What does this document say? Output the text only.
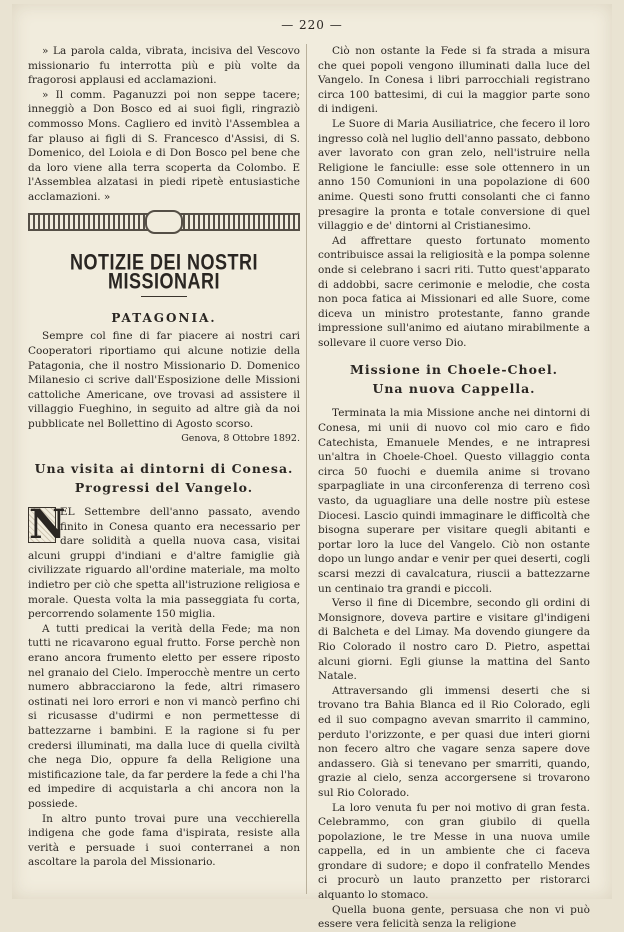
— 220 —

» La parola calda, vibrata, incisiva del Vescovo missionario fu interrotta più e più volte da fragorosi applausi ed acclamazioni.

» Il comm. Paganuzzi poi non seppe tacere; inneggiò a Don Bosco ed ai suoi figli, ringraziò commosso Mons. Cagliero ed invitò l'Assemblea a far plauso ai figli di S. Francesco d'Assisi, di S. Domenico, del Loiola e di Don Bosco pel bene che da loro viene alla terra scoperta da Colombo. E l'Assemblea alzatasi in piedi ripetè entusiastiche acclamazioni. »

NOTIZIE DEI NOSTRI MISSIONARI
PATAGONIA.

Sempre col fine di far piacere ai nostri cari Cooperatori riportiamo qui alcune notizie della Patagonia, che il nostro Missionario D. Domenico Milanesio ci scrive dall'Esposizione delle Missioni cattoliche Americane, ove trovasi ad assistere il villaggio Fueghino, in seguito ad altre già da noi pubblicate nel Bollettino di Agosto scorso.

Genova, 8 Ottobre 1892.
Una visita ai dintorni di Conesa.
Progressi del Vangelo.

N
EL Settembre dell'anno passato, avendo finito in Conesa quanto era necessario per dare solidità a quella nuova casa, visitai alcuni gruppi d'indiani e d'altre famiglie già civilizzate riguardo all'ordine materiale, ma molto indietro per ciò che spetta all'istruzione religiosa e morale. Questa volta la mia passeggiata fu corta, percorrendo solamente 150 miglia.

A tutti predicai la verità della Fede; ma non tutti ne ricavarono egual frutto. Forse perchè non erano ancora frumento eletto per essere riposto nel granaio del Cielo. Imperocchè mentre un certo numero abbracciarono la fede, altri rimasero ostinati nei loro errori e non vi mancò perfino chi si ricusasse d'udirmi e non permettesse di battezzarne i bambini. E la ragione si fu per credersi illuminati, ma dalla luce di quella civiltà che nega Dio, oppure fa della Religione una mistificazione tale, da far perdere la fede a chi l'ha ed impedire di acquistarla a chi ancora non la possiede.

In altro punto trovai pure una vecchierella indigena che gode fama d'ispirata, resiste alla verità e persuade i suoi conterranei a non ascoltare la parola del Missionario.

Ciò non ostante la Fede si fa strada a misura che quei popoli vengono illuminati dalla luce del Vangelo. In Conesa i libri parrocchiali registrano circa 100 battesimi, di cui la maggior parte sono di indigeni.

Le Suore di Maria Ausiliatrice, che fecero il loro ingresso colà nel luglio dell'anno passato, debbono aver lavorato con gran zelo, nell'istruire nella Religione le fanciulle: esse sole ottennero in un anno 150 Comunioni in una popolazione di 600 anime. Questi sono frutti consolanti che ci fanno presagire la pronta e totale conversione di quel villaggio e de' dintorni al Cristianesimo.

Ad affrettare questo fortunato momento contribuisce assai la religiosità e la pompa solenne onde si celebrano i sacri riti. Tutto quest'apparato di addobbi, sacre cerimonie e melodie, che costa non poca fatica ai Missionari ed alle Suore, come diceva un ministro protestante, fanno grande impressione sull'animo ed aiutano mirabilmente a sollevare il cuore verso Dio.

Missione in Choele-Choel.
Una nuova Cappella.

Terminata la mia Missione anche nei dintorni di Conesa, mi unii di nuovo col mio caro e fido Catechista, Emanuele Mendes, e ne intrapresi un'altra in Choele-Choel. Questo villaggio conta circa 50 fuochi e duemila anime si trovano sparpagliate in una circonferenza di terreno così vasto, da uguagliare una delle nostre più estese Diocesi. Lascio quindi immaginare le difficoltà che bisogna superare per visitare quegli abitanti e portar loro la luce del Vangelo. Ciò non ostante dopo un lungo andar e venir per quei deserti, cogli scarsi mezzi di cavalcatura, riuscii a battezzarne un centinaio tra grandi e piccoli.

Verso il fine di Dicembre, secondo gli ordini di Monsignore, doveva partire e visitare gl'indigeni di Balcheta e del Limay. Ma dovendo giungere da Rio Colorado il nostro caro D. Pietro, aspettai alcuni giorni. Egli giunse la mattina del Santo Natale.

Attraversando gli immensi deserti che si trovano tra Bahia Blanca ed il Rio Colorado, egli ed il suo compagno avevan smarrito il cammino, perduto l'orizzonte, e per quasi due interi giorni non fecero altro che vagare senza sapere dove andassero. Già si tenevano per smarriti, quando, grazie al cielo, senza accorgersene si trovarono sul Rio Colorado.

La loro venuta fu per noi motivo di gran festa. Celebrammo, con gran giubilo di quella popolazione, le tre Messe in una nuova umile cappella, ed in un ambiente che ci faceva grondare di sudore; e dopo il confratello Mendes ci procurò un lauto pranzetto per ristorarci alquanto lo stomaco.

Quella buona gente, persuasa che non vi può essere vera felicità senza la religione
